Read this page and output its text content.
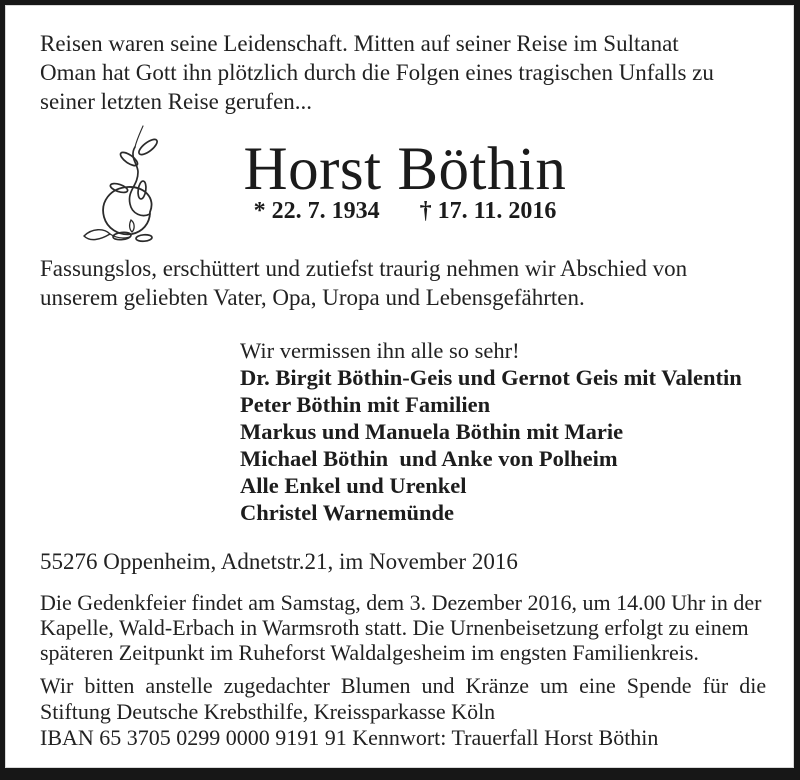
Reisen waren seine Leidenschaft. Mitten auf seiner Reise im Sultanat
Oman hat Gott ihn plötzlich durch die Folgen eines tragischen Unfalls zu
seiner letzten Reise gerufen...
Horst Böthin
* 22. 7. 1934 † 17. 11. 2016
Fassungslos, erschüttert und zutiefst traurig nehmen wir Abschied von
unserem geliebten Vater, Opa, Uropa und Lebensgefährten.
Wir vermissen ihn alle so sehr!
Dr. Birgit Böthin-Geis und Gernot Geis mit Valentin
Peter Böthin mit Familien
Markus und Manuela Böthin mit Marie
Michael Böthin  und Anke von Polheim
Alle Enkel und Urenkel
Christel Warnemünde
55276 Oppenheim, Adnetstr.21, im November 2016
Die Gedenkfeier findet am Samstag, dem 3. Dezember 2016, um 14.00 Uhr in der
Kapelle, Wald-Erbach in Warmsroth statt. Die Urnenbeisetzung erfolgt zu einem
späteren Zeitpunkt im Ruheforst Waldalgesheim im engsten Familienkreis.
Wir bitten anstelle zugedachter Blumen und Kränze um eine Spende für die
Stiftung Deutsche Krebsthilfe, Kreissparkasse Köln
IBAN 65 3705 0299 0000 9191 91 Kennwort: Trauerfall Horst Böthin
